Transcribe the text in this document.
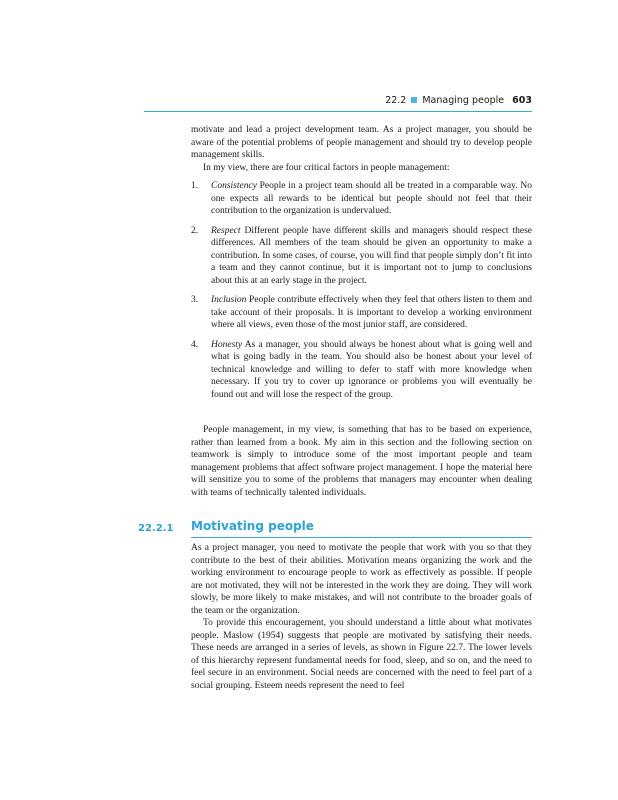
22.2 Managing people 603

motivate and lead a project development team. As a project manager, you should be aware of the potential problems of people management and should try to develop people management skills.

In my view, there are four critical factors in people management:

1. Consistency People in a project team should all be treated in a comparable way. No one expects all rewards to be identical but people should not feel that their contribution to the organization is undervalued.
2. Respect Different people have different skills and managers should respect these differences. All members of the team should be given an opportunity to make a contribution. In some cases, of course, you will find that people simply don’t fit into a team and they cannot continue, but it is important not to jump to conclusions about this at an early stage in the project.
3. Inclusion People contribute effectively when they feel that others listen to them and take account of their proposals. It is important to develop a working environment where all views, even those of the most junior staff, are considered.
4. Honesty As a manager, you should always be honest about what is going well and what is going badly in the team. You should also be honest about your level of technical knowledge and willing to defer to staff with more knowledge when necessary. If you try to cover up ignorance or problems you will eventually be found out and will lose the respect of the group.

People management, in my view, is something that has to be based on experience, rather than learned from a book. My aim in this section and the following section on teamwork is simply to introduce some of the most important people and team management problems that affect software project management. I hope the material here will sensitize you to some of the problems that managers may encounter when dealing with teams of technically talented individuals.

22.2.1 Motivating people

As a project manager, you need to motivate the people that work with you so that they contribute to the best of their abilities. Motivation means organizing the work and the working environment to encourage people to work as effectively as possible. If people are not motivated, they will not be interested in the work they are doing. They will work slowly, be more likely to make mistakes, and will not contribute to the broader goals of the team or the organization.

To provide this encouragement, you should understand a little about what motivates people. Maslow (1954) suggests that people are motivated by satisfying their needs. These needs are arranged in a series of levels, as shown in Figure 22.7. The lower levels of this hierarchy represent fundamental needs for food, sleep, and so on, and the need to feel secure in an environment. Social needs are concerned with the need to feel part of a social grouping. Esteem needs represent the need to feel
